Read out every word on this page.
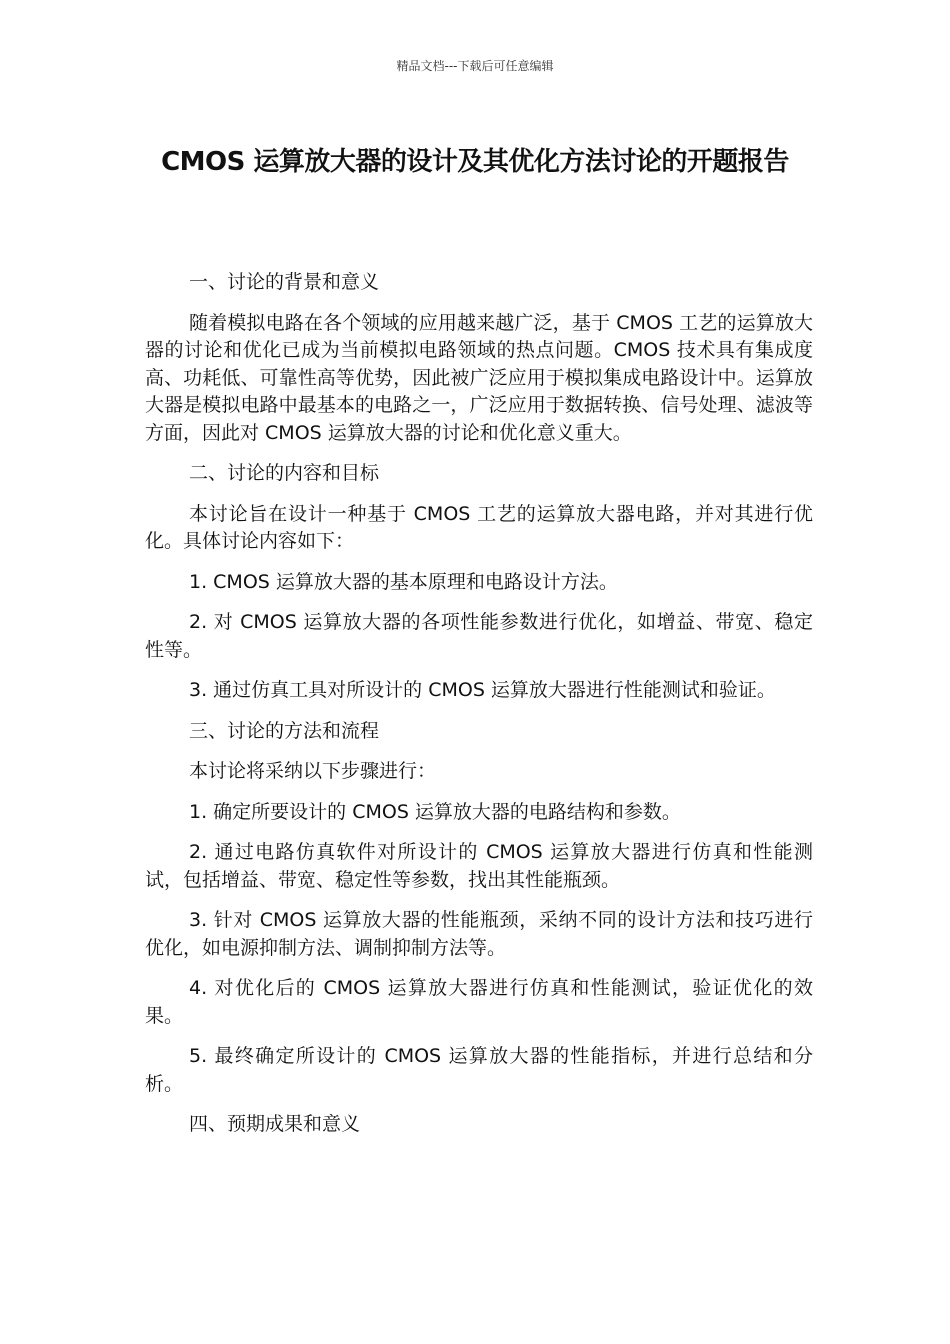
精品文档---下载后可任意编辑
CMOS 运算放大器的设计及其优化方法讨论的开题报告

一、讨论的背景和意义

随着模拟电路在各个领域的应用越来越广泛，基于 CMOS 工艺的运算放大器的讨论和优化已成为当前模拟电路领域的热点问题。CMOS 技术具有集成度高、功耗低、可靠性高等优势，因此被广泛应用于模拟集成电路设计中。运算放大器是模拟电路中最基本的电路之一，广泛应用于数据转换、信号处理、滤波等方面，因此对 CMOS 运算放大器的讨论和优化意义重大。

二、讨论的内容和目标

本讨论旨在设计一种基于 CMOS 工艺的运算放大器电路，并对其进行优化。具体讨论内容如下：

1. CMOS 运算放大器的基本原理和电路设计方法。

2. 对 CMOS 运算放大器的各项性能参数进行优化，如增益、带宽、稳定性等。

3. 通过仿真工具对所设计的 CMOS 运算放大器进行性能测试和验证。

三、讨论的方法和流程

本讨论将采纳以下步骤进行：

1. 确定所要设计的 CMOS 运算放大器的电路结构和参数。

2. 通过电路仿真软件对所设计的 CMOS 运算放大器进行仿真和性能测试，包括增益、带宽、稳定性等参数，找出其性能瓶颈。

3. 针对 CMOS 运算放大器的性能瓶颈，采纳不同的设计方法和技巧进行优化，如电源抑制方法、调制抑制方法等。

4. 对优化后的 CMOS 运算放大器进行仿真和性能测试，验证优化的效果。

5. 最终确定所设计的 CMOS 运算放大器的性能指标，并进行总结和分析。

四、预期成果和意义
